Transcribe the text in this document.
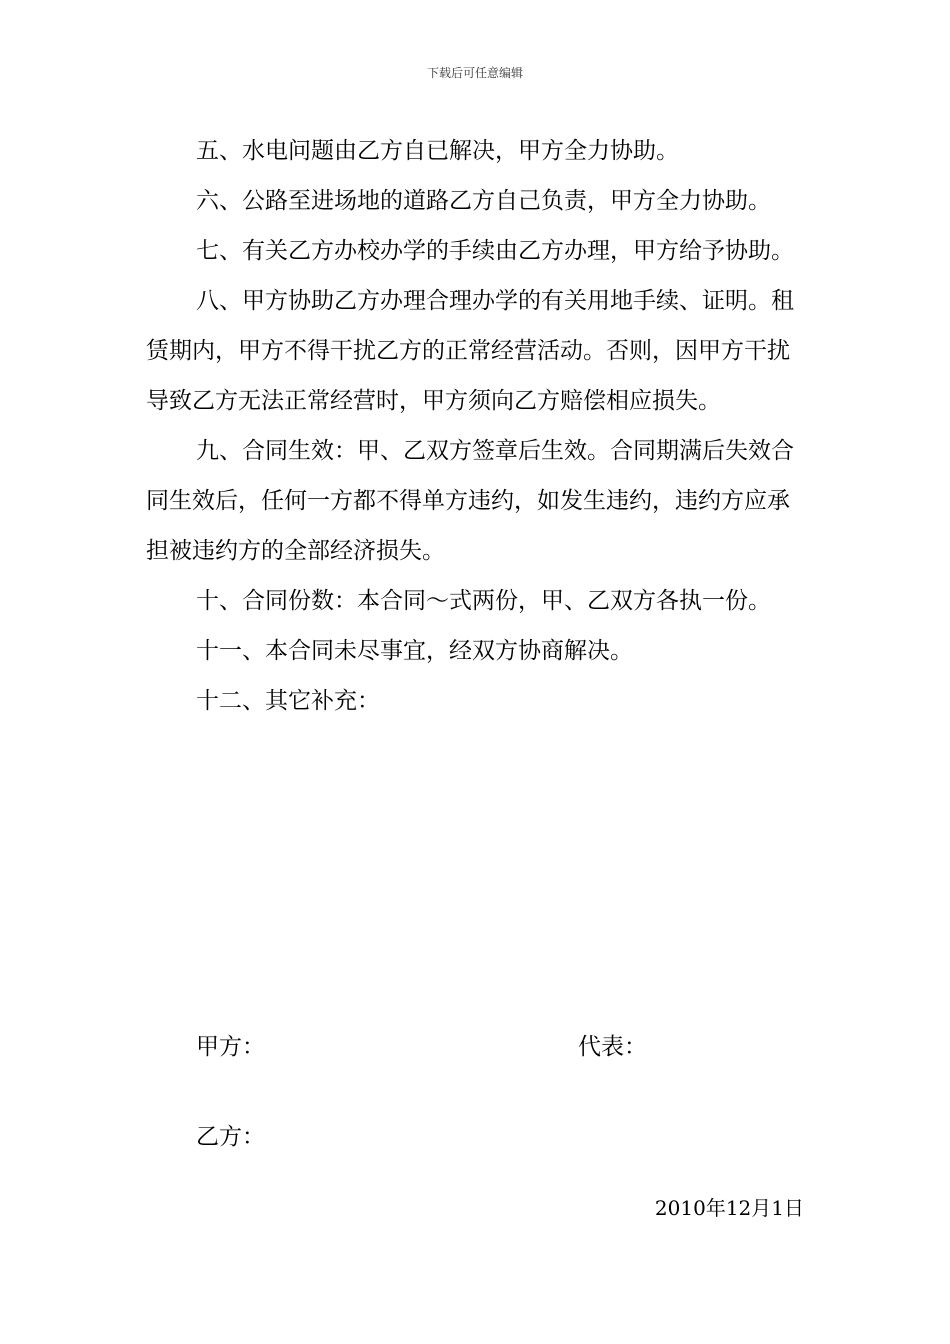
下载后可任意编辑

五、水电问题由乙方自已解决，甲方全力协助。

六、公路至进场地的道路乙方自己负责，甲方全力协助。

七、有关乙方办校办学的手续由乙方办理，甲方给予协助。

八、甲方协助乙方办理合理办学的有关用地手续、证明。租赁期内，甲方不得干扰乙方的正常经营活动。否则，因甲方干扰导致乙方无法正常经营时，甲方须向乙方赔偿相应损失。

九、合同生效：甲、乙双方签章后生效。合同期满后失效合同生效后，任何一方都不得单方违约，如发生违约，违约方应承担被违约方的全部经济损失。

十、合同份数：本合同～式两份，甲、乙双方各执一份。

十一、本合同未尽事宜，经双方协商解决。

十二、其它补充：

甲方：	代表：
乙方：
2010年12月1日
